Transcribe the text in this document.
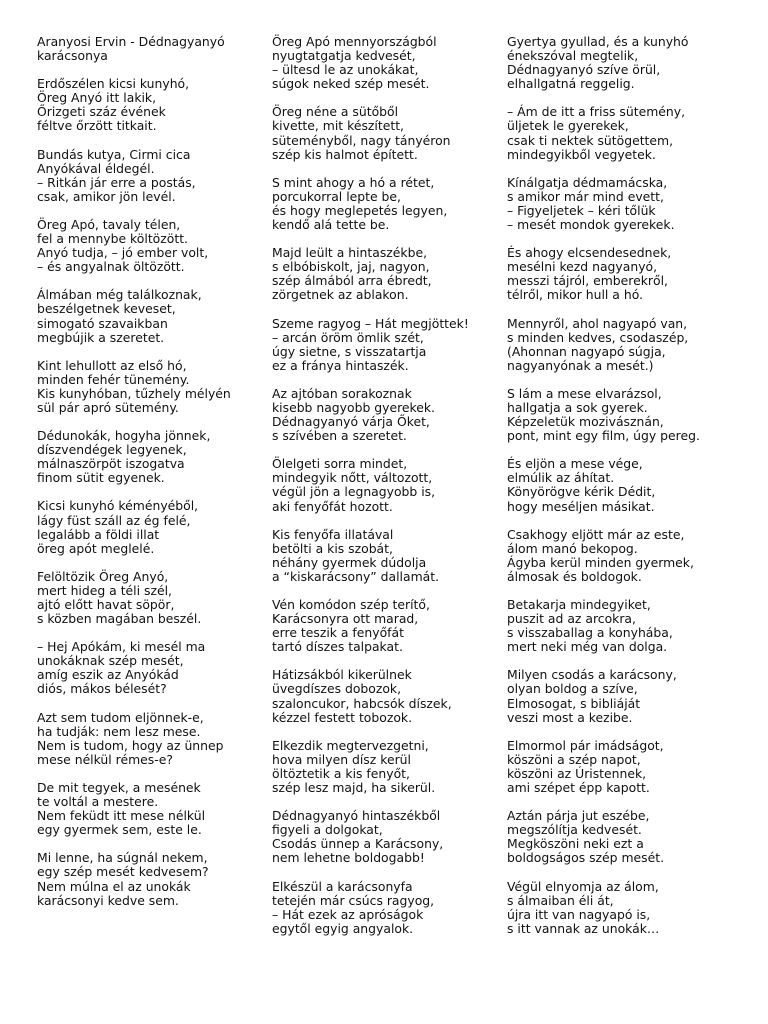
Aranyosi Ervin - Dédnagyanyó
karácsonya
Erdőszélen kicsi kunyhó,
Öreg Anyó itt lakik,
Őrizgeti száz évének
féltve őrzött titkait.
Bundás kutya, Cirmi cica
Anyókával éldegél.
– Ritkán jár erre a postás,
csak, amikor jön levél.
Öreg Apó, tavaly télen,
fel a mennybe költözött.
Anyó tudja, – jó ember volt,
– és angyalnak öltözött.
Álmában még találkoznak,
beszélgetnek keveset,
simogató szavaikban
megbújik a szeretet.
Kint lehullott az első hó,
minden fehér tünemény.
Kis kunyhóban, tűzhely mélyén
sül pár apró sütemény.
Dédunokák, hogyha jönnek,
díszvendégek legyenek,
málnaszörpöt iszogatva
finom sütit egyenek.
Kicsi kunyhó kéményéből,
lágy füst száll az ég felé,
legalább a földi illat
öreg apót meglelé.
Felöltözik Öreg Anyó,
mert hideg a téli szél,
ajtó előtt havat söpör,
s közben magában beszél.
– Hej Apókám, ki mesél ma
unokáknak szép mesét,
amíg eszik az Anyókád
diós, mákos bélesét?
Azt sem tudom eljönnek-e,
ha tudják: nem lesz mese.
Nem is tudom, hogy az ünnep
mese nélkül rémes-e?
De mit tegyek, a mesének
te voltál a mestere.
Nem feküdt itt mese nélkül
egy gyermek sem, este le.
Mi lenne, ha súgnál nekem,
egy szép mesét kedvesem?
Nem múlna el az unokák
karácsonyi kedve sem.
Öreg Apó mennyországból
nyugtatgatja kedvesét,
– ültesd le az unokákat,
súgok neked szép mesét.
Öreg néne a sütőből
kivette, mit készített,
süteményből, nagy tányéron
szép kis halmot épített.
S mint ahogy a hó a rétet,
porcukorral lepte be,
és hogy meglepetés legyen,
kendő alá tette be.
Majd leült a hintaszékbe,
s elbóbiskolt, jaj, nagyon,
szép álmából arra ébredt,
zörgetnek az ablakon.
Szeme ragyog – Hát megjöttek!
– arcán öröm ömlik szét,
úgy sietne, s visszatartja
ez a fránya hintaszék.
Az ajtóban sorakoznak
kisebb nagyobb gyerekek.
Dédnagyanyó várja Őket,
s szívében a szeretet.
Ölelgeti sorra mindet,
mindegyik nőtt, változott,
végül jön a legnagyobb is,
aki fenyőfát hozott.
Kis fenyőfa illatával
betölti a kis szobát,
néhány gyermek dúdolja
a “kiskarácsony” dallamát.
Vén komódon szép terítő,
Karácsonyra ott marad,
erre teszik a fenyőfát
tartó díszes talpakat.
Hátizsákból kikerülnek
üvegdíszes dobozok,
szaloncukor, habcsók díszek,
kézzel festett tobozok.
Elkezdik megtervezgetni,
hova milyen dísz kerül
öltöztetik a kis fenyőt,
szép lesz majd, ha sikerül.
Dédnagyanyó hintaszékből
figyeli a dolgokat,
Csodás ünnep a Karácsony,
nem lehetne boldogabb!
Elkészül a karácsonyfa
tetején már csúcs ragyog,
– Hát ezek az apróságok
egytől egyig angyalok.
Gyertya gyullad, és a kunyhó
énekszóval megtelik,
Dédnagyanyó szíve örül,
elhallgatná reggelig.
– Ám de itt a friss sütemény,
üljetek le gyerekek,
csak ti nektek sütögettem,
mindegyikből vegyetek.
Kínálgatja dédmamácska,
s amikor már mind evett,
– Figyeljetek – kéri tőlük
– mesét mondok gyerekek.
És ahogy elcsendesednek,
mesélni kezd nagyanyó,
messzi tájról, emberekről,
télről, mikor hull a hó.
Mennyről, ahol nagyapó van,
s minden kedves, csodaszép,
(Ahonnan nagyapó súgja,
nagyanyónak a mesét.)
S lám a mese elvarázsol,
hallgatja a sok gyerek.
Képzeletük mozivásznán,
pont, mint egy film, úgy pereg.
És eljön a mese vége,
elmúlik az áhítat.
Könyörögve kérik Dédit,
hogy meséljen másikat.
Csakhogy eljött már az este,
álom manó bekopog.
Ágyba kerül minden gyermek,
álmosak és boldogok.
Betakarja mindegyiket,
puszit ad az arcokra,
s visszaballag a konyhába,
mert neki még van dolga.
Milyen csodás a karácsony,
olyan boldog a szíve,
Elmosogat, s bibliáját
veszi most a kezibe.
Elmormol pár imádságot,
köszöni a szép napot,
köszöni az Úristennek,
ami szépet épp kapott.
Aztán párja jut eszébe,
megszólítja kedvesét.
Megköszöni neki ezt a
boldogságos szép mesét.
Végül elnyomja az álom,
s álmaiban éli át,
újra itt van nagyapó is,
s itt vannak az unokák…
